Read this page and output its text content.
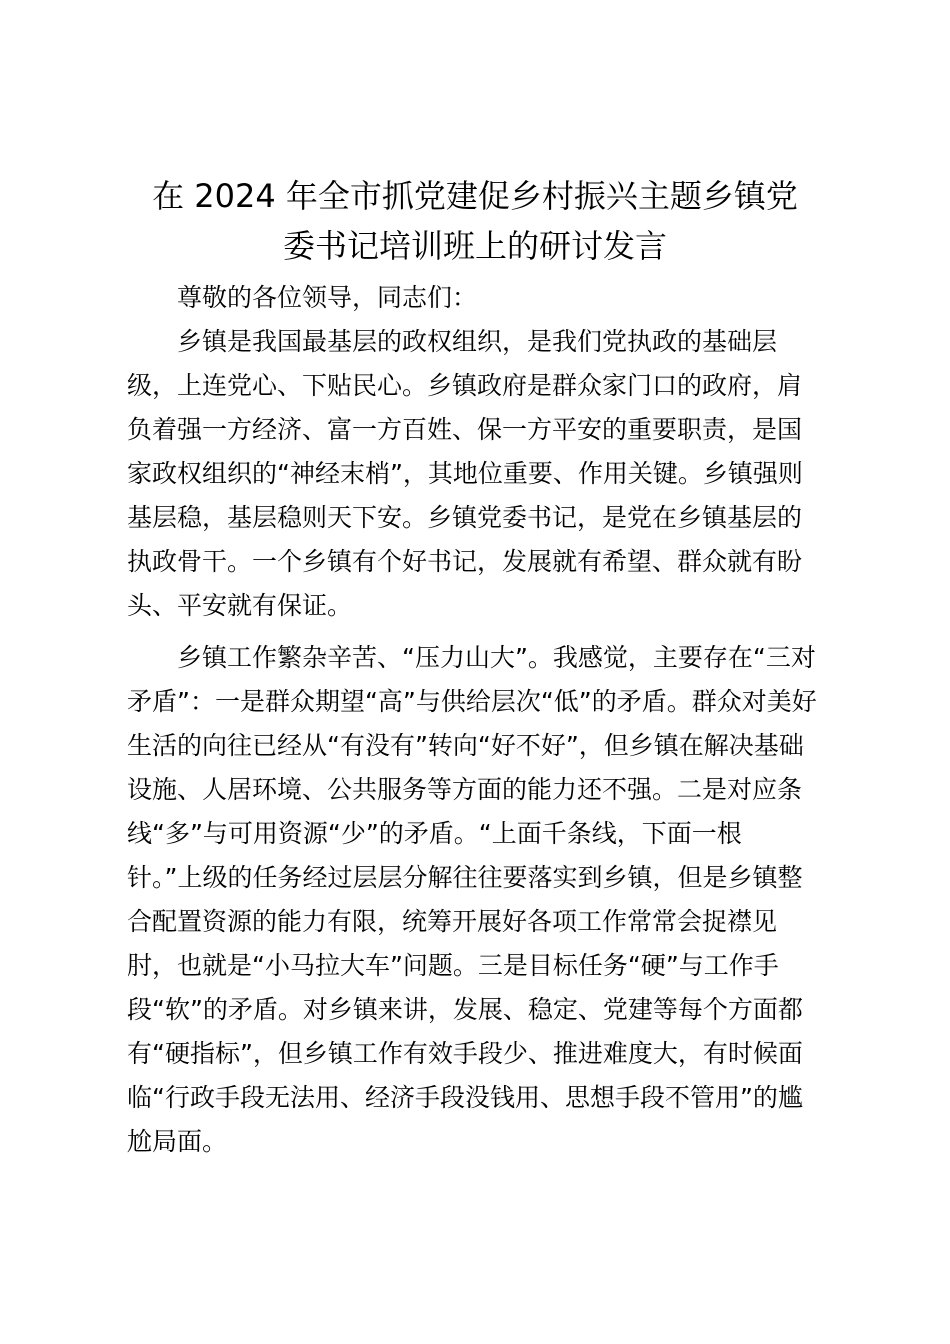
在 2024 年全市抓党建促乡村振兴主题乡镇党
委书记培训班上的研讨发言
尊敬的各位领导，同志们：
乡镇是我国最基层的政权组织，是我们党执政的基础层
级，上连党心、下贴民心。乡镇政府是群众家门口的政府，肩
负着强一方经济、富一方百姓、保一方平安的重要职责，是国
家政权组织的“神经末梢”，其地位重要、作用关键。乡镇强则
基层稳，基层稳则天下安。乡镇党委书记，是党在乡镇基层的
执政骨干。一个乡镇有个好书记，发展就有希望、群众就有盼
头、平安就有保证。
乡镇工作繁杂辛苦、“压力山大”。我感觉，主要存在“三对
矛盾”：一是群众期望“高”与供给层次“低”的矛盾。群众对美好
生活的向往已经从“有没有”转向“好不好”，但乡镇在解决基础
设施、人居环境、公共服务等方面的能力还不强。二是对应条
线“多”与可用资源“少”的矛盾。“上面千条线，下面一根
针。”上级的任务经过层层分解往往要落实到乡镇，但是乡镇整
合配置资源的能力有限，统筹开展好各项工作常常会捉襟见
肘，也就是“小马拉大车”问题。三是目标任务“硬”与工作手
段“软”的矛盾。对乡镇来讲，发展、稳定、党建等每个方面都
有“硬指标”，但乡镇工作有效手段少、推进难度大，有时候面
临“行政手段无法用、经济手段没钱用、思想手段不管用”的尴
尬局面。
